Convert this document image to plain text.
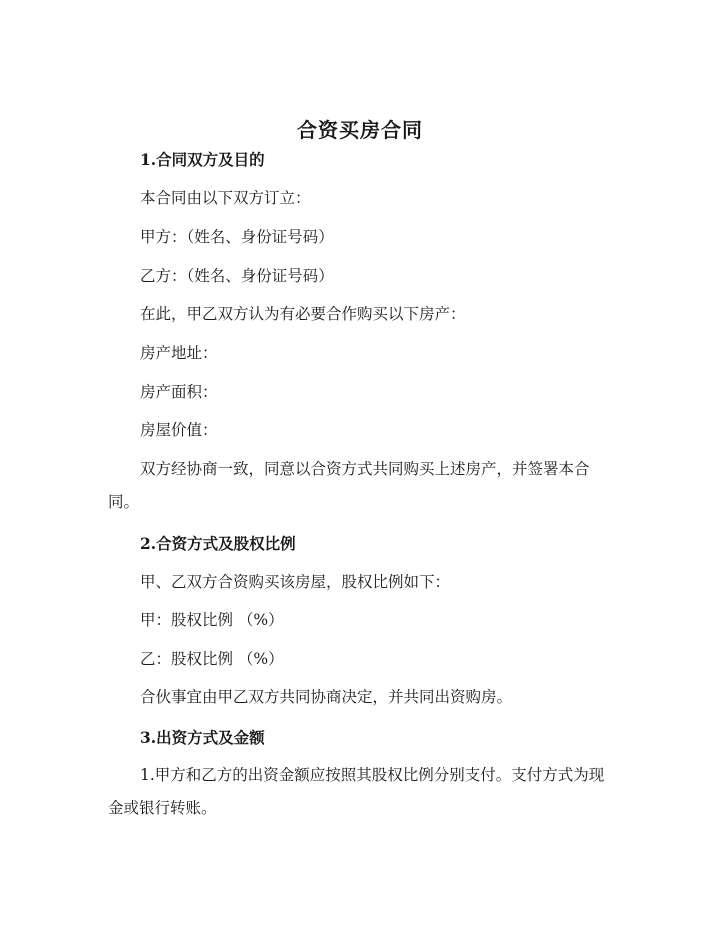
合资买房合同

1.合同双方及目的

本合同由以下双方订立：

甲方：（姓名、身份证号码）

乙方：（姓名、身份证号码）

在此，甲乙双方认为有必要合作购买以下房产：

房产地址：

房产面积：

房屋价值：

双方经协商一致，同意以合资方式共同购买上述房产，并签署本合同。

2.合资方式及股权比例

甲、乙双方合资购买该房屋，股权比例如下：

甲：股权比例 （%）

乙：股权比例 （%）

合伙事宜由甲乙双方共同协商决定，并共同出资购房。

3.出资方式及金额

1.甲方和乙方的出资金额应按照其股权比例分别支付。支付方式为现金或银行转账。
